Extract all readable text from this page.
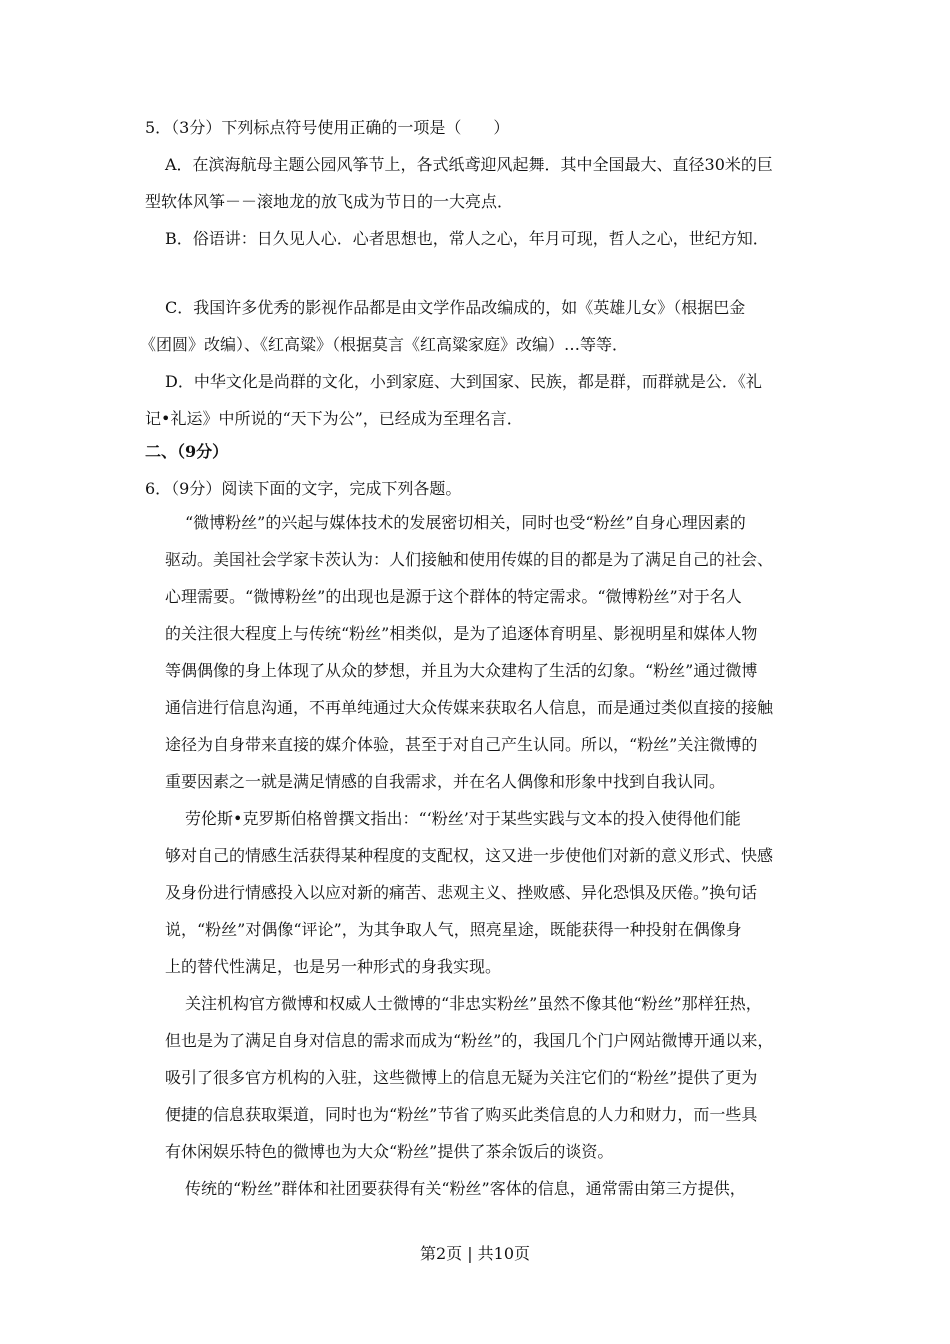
5．（3分）下列标点符号使用正确的一项是（　　）
A．在滨海航母主题公园风筝节上，各式纸鸢迎风起舞．其中全国最大、直径30米的巨
型软体风筝－－滚地龙的放飞成为节日的一大亮点．
B．俗语讲：日久见人心．心者思想也，常人之心，年月可现，哲人之心，世纪方知．
C．我国许多优秀的影视作品都是由文学作品改编成的，如《英雄儿女》（根据巴金
《团圆》改编）、《红高粱》（根据莫言《红高粱家庭》改编）…等等．
D．中华文化是尚群的文化，小到家庭、大到国家、民族，都是群，而群就是公．《礼
记•礼运》中所说的“天下为公”，已经成为至理名言．
二、（9分）
6．（9分）阅读下面的文字，完成下列各题。
“微博粉丝”的兴起与媒体技术的发展密切相关，同时也受“粉丝”自身心理因素的
驱动。美国社会学家卡茨认为：人们接触和使用传媒的目的都是为了满足自己的社会、
心理需要。“微博粉丝”的出现也是源于这个群体的特定需求。“微博粉丝”对于名人
的关注很大程度上与传统“粉丝”相类似，是为了追逐体育明星、影视明星和媒体人物
等偶偶像的身上体现了从众的梦想，并且为大众建构了生活的幻象。“粉丝”通过微博
通信进行信息沟通，不再单纯通过大众传媒来获取名人信息，而是通过类似直接的接触
途径为自身带来直接的媒介体验，甚至于对自己产生认同。所以，“粉丝”关注微博的
重要因素之一就是满足情感的自我需求，并在名人偶像和形象中找到自我认同。
劳伦斯•克罗斯伯格曾撰文指出：“‘粉丝’对于某些实践与文本的投入使得他们能
够对自己的情感生活获得某种程度的支配权，这又进一步使他们对新的意义形式、快感
及身份进行情感投入以应对新的痛苦、悲观主义、挫败感、异化恐惧及厌倦。”换句话
说，“粉丝”对偶像“评论”，为其争取人气，照亮星途，既能获得一种投射在偶像身
上的替代性满足，也是另一种形式的身我实现。
关注机构官方微博和权威人士微博的“非忠实粉丝”虽然不像其他“粉丝”那样狂热，
但也是为了满足自身对信息的需求而成为“粉丝”的，我国几个门户网站微博开通以来，
吸引了很多官方机构的入驻，这些微博上的信息无疑为关注它们的“粉丝”提供了更为
便捷的信息获取渠道，同时也为“粉丝”节省了购买此类信息的人力和财力，而一些具
有休闲娱乐特色的微博也为大众“粉丝”提供了茶余饭后的谈资。
传统的“粉丝”群体和社团要获得有关“粉丝”客体的信息，通常需由第三方提供，
第2页 | 共10页
